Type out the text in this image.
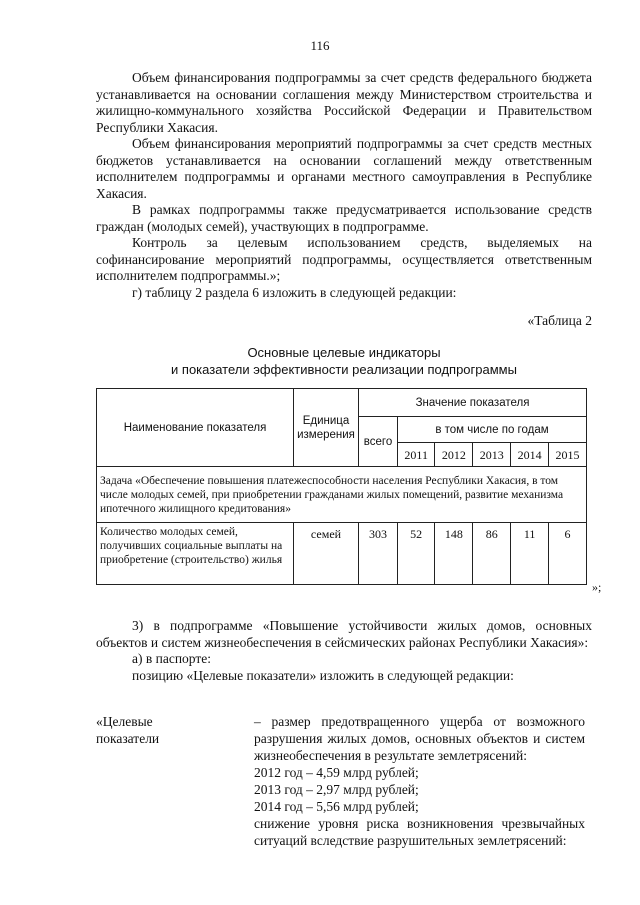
116

Объем финансирования подпрограммы за счет средств федерального бюджета устанавливается на основании соглашения между Министерством строительства и жилищно-коммунального хозяйства Российской Федерации и Правительством Республики Хакасия.

Объем финансирования мероприятий подпрограммы за счет средств местных бюджетов устанавливается на основании соглашений между ответственным исполнителем подпрограммы и органами местного самоуправления в Республике Хакасия.

В рамках подпрограммы также предусматривается использование средств граждан (молодых семей), участвующих в подпрограмме.

Контроль за целевым использованием средств, выделяемых на софинансирование мероприятий подпрограммы, осуществляется ответственным исполнителем подпрограммы.»;

г) таблицу 2 раздела 6 изложить в следующей редакции:

«Таблица 2
Основные целевые индикаторы
и показатели эффективности реализации подпрограммы
Наименование показателя	Единица измерения	Значение показателя					
		всего	в том числе по годам				
			2011	2012	2013	2014	2015
Задача «Обеспечение повышения платежеспособности населения Республики Хакасия, в том числе молодых семей, при приобретении гражданами жилых помещений, развитие механизма ипотечного жилищного кредитования»							
Количество молодых семей, получивших социальные выплаты на приобретение (строительство) жилья	семей	303	52	148	86	11	6
»;

3) в подпрограмме «Повышение устойчивости жилых домов, основных объектов и систем жизнеобеспечения в сейсмических районах Республики Хакасия»:

а) в паспорте:

позицию «Целевые показатели» изложить в следующей редакции:

«Целевые показатели
– размер предотвращенного ущерба от возможного разрушения жилых домов, основных объектов и систем жизнеобеспечения в результате землетрясений:
2012 год – 4,59 млрд рублей;
2013 год – 2,97 млрд рублей;
2014 год – 5,56 млрд рублей;
снижение уровня риска возникновения чрезвычайных ситуаций вследствие разрушительных землетрясений:
